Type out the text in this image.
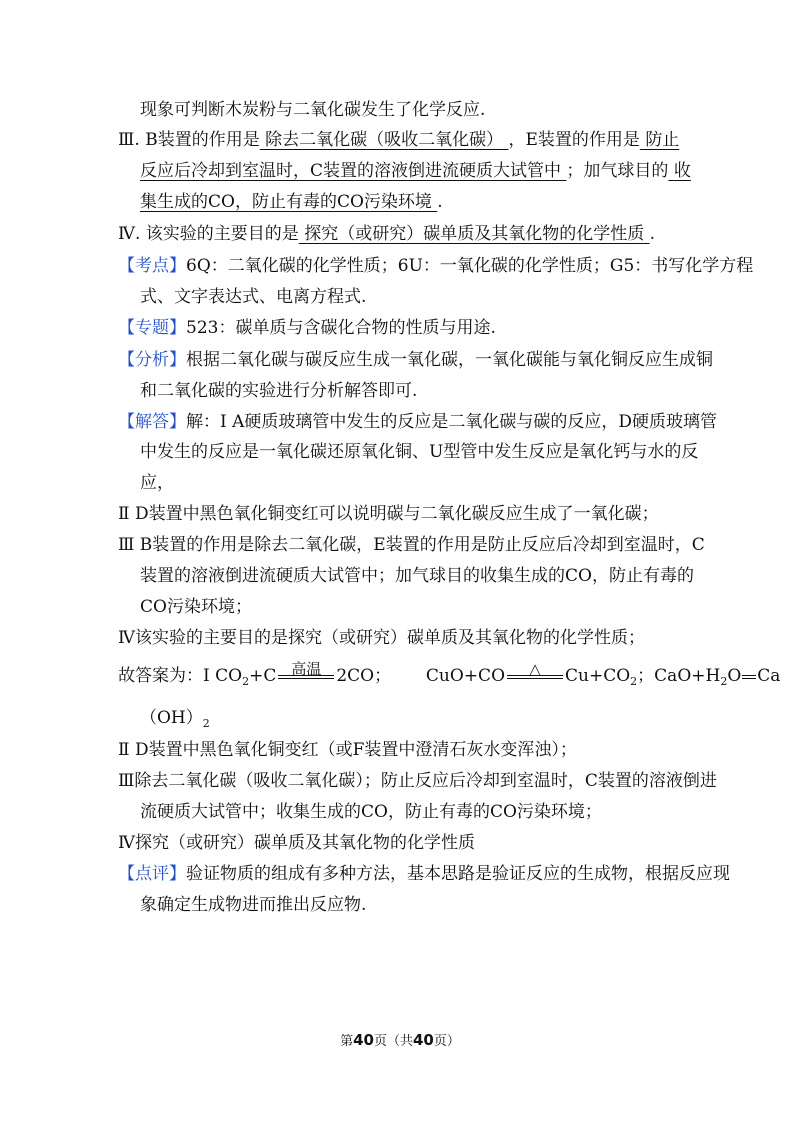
现象可判断木炭粉与二氧化碳发生了化学反应.
Ⅲ. B装置的作用是 除去二氧化碳（吸收二氧化碳） ，E装置的作用是 防止
反应后冷却到室温时，C装置的溶液倒进流硬质大试管中 ；加气球目的 收
集生成的CO，防止有毒的CO污染环境 .
Ⅳ. 该实验的主要目的是 探究（或研究）碳单质及其氧化物的化学性质 .
【考点】6Q：二氧化碳的化学性质；6U：一氧化碳的化学性质；G5：书写化学方程
式、文字表达式、电离方程式.
【专题】523：碳单质与含碳化合物的性质与用途.
【分析】根据二氧化碳与碳反应生成一氧化碳，一氧化碳能与氧化铜反应生成铜
和二氧化碳的实验进行分析解答即可.
【解答】解：Ⅰ A硬质玻璃管中发生的反应是二氧化碳与碳的反应，D硬质玻璃管
中发生的反应是一氧化碳还原氧化铜、U型管中发生反应是氧化钙与水的反
应，
Ⅱ D装置中黑色氧化铜变红可以说明碳与二氧化碳反应生成了一氧化碳；
Ⅲ B装置的作用是除去二氧化碳，E装置的作用是防止反应后冷却到室温时，C
装置的溶液倒进流硬质大试管中；加气球目的收集生成的CO，防止有毒的
CO污染环境；
Ⅳ该实验的主要目的是探究（或研究）碳单质及其氧化物的化学性质；
故答案为：Ⅰ $CO_2+C$ 高温 2CO； CuO+CO	△	$Cu+CO_2$；$CaO+H_2O$ Ca
$(OH)_2$
Ⅱ D装置中黑色氧化铜变红（或F装置中澄清石灰水变浑浊）；
Ⅲ除去二氧化碳（吸收二氧化碳）；防止反应后冷却到室温时，C装置的溶液倒进
流硬质大试管中；收集生成的CO，防止有毒的CO污染环境；
Ⅳ探究（或研究）碳单质及其氧化物的化学性质
【点评】验证物质的组成有多种方法，基本思路是验证反应的生成物，根据反应现
象确定生成物进而推出反应物.
第40页（共40页）
